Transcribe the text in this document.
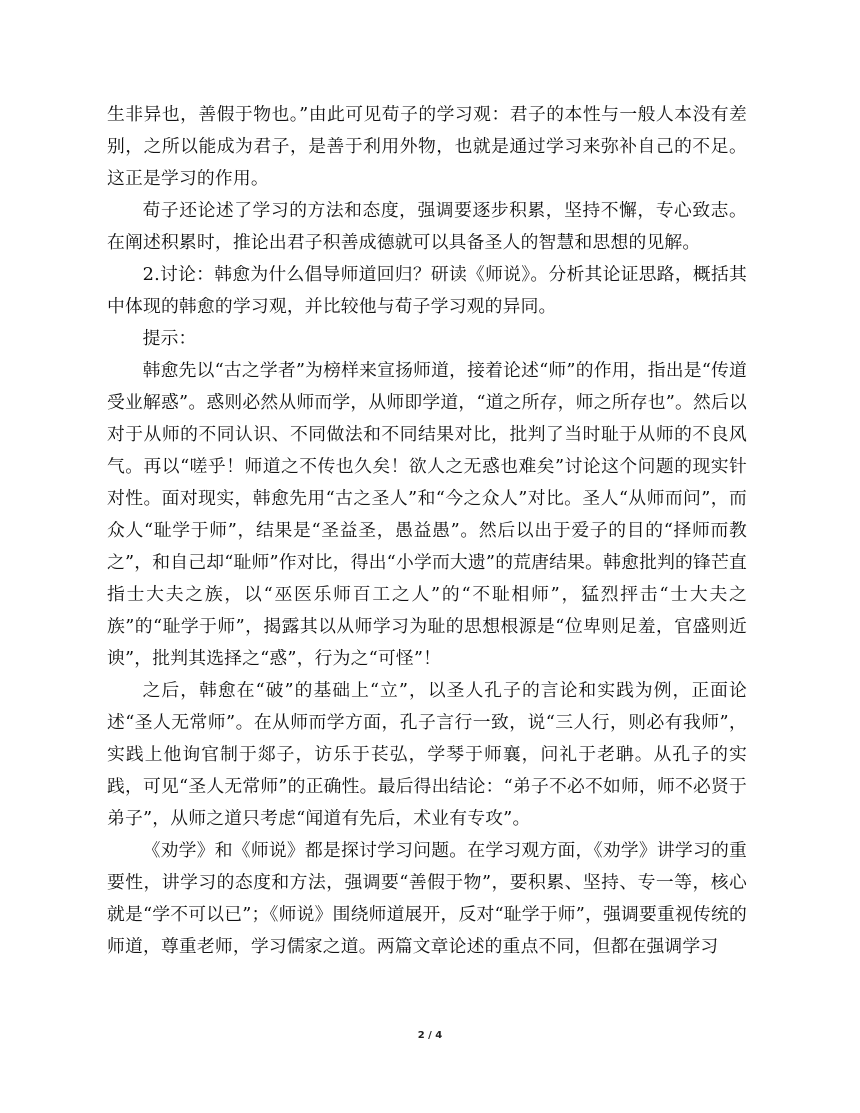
生非异也，善假于物也。”由此可见荀子的学习观：君子的本性与一般人本没有差别，之所以能成为君子，是善于利用外物，也就是通过学习来弥补自己的不足。这正是学习的作用。

荀子还论述了学习的方法和态度，强调要逐步积累，坚持不懈，专心致志。在阐述积累时，推论出君子积善成德就可以具备圣人的智慧和思想的见解。

2.讨论：韩愈为什么倡导师道回归？研读《师说》。分析其论证思路，概括其中体现的韩愈的学习观，并比较他与荀子学习观的异同。

提示：

韩愈先以“古之学者”为榜样来宣扬师道，接着论述“师”的作用，指出是“传道受业解惑”。惑则必然从师而学，从师即学道，“道之所存，师之所存也”。然后以对于从师的不同认识、不同做法和不同结果对比，批判了当时耻于从师的不良风气。再以“嗟乎！师道之不传也久矣！欲人之无惑也难矣”讨论这个问题的现实针对性。面对现实，韩愈先用“古之圣人”和“今之众人”对比。圣人“从师而问”，而众人“耻学于师”，结果是“圣益圣，愚益愚”。然后以出于爱子的目的“择师而教之”，和自己却“耻师”作对比，得出“小学而大遗”的荒唐结果。韩愈批判的锋芒直指士大夫之族，以“巫医乐师百工之人”的“不耻相师”，猛烈抨击“士大夫之族”的“耻学于师”，揭露其以从师学习为耻的思想根源是“位卑则足羞，官盛则近谀”，批判其选择之“惑”，行为之“可怪”！

之后，韩愈在“破”的基础上“立”，以圣人孔子的言论和实践为例，正面论述“圣人无常师”。在从师而学方面，孔子言行一致，说“三人行，则必有我师”，实践上他询官制于郯子，访乐于苌弘，学琴于师襄，问礼于老聃。从孔子的实践，可见“圣人无常师”的正确性。最后得出结论：“弟子不必不如师，师不必贤于弟子”，从师之道只考虑“闻道有先后，术业有专攻”。

《劝学》和《师说》都是探讨学习问题。在学习观方面，《劝学》讲学习的重要性，讲学习的态度和方法，强调要“善假于物”，要积累、坚持、专一等，核心就是“学不可以已”；《师说》围绕师道展开，反对“耻学于师”，强调要重视传统的师道，尊重老师，学习儒家之道。两篇文章论述的重点不同，但都在强调学习

2 / 4
